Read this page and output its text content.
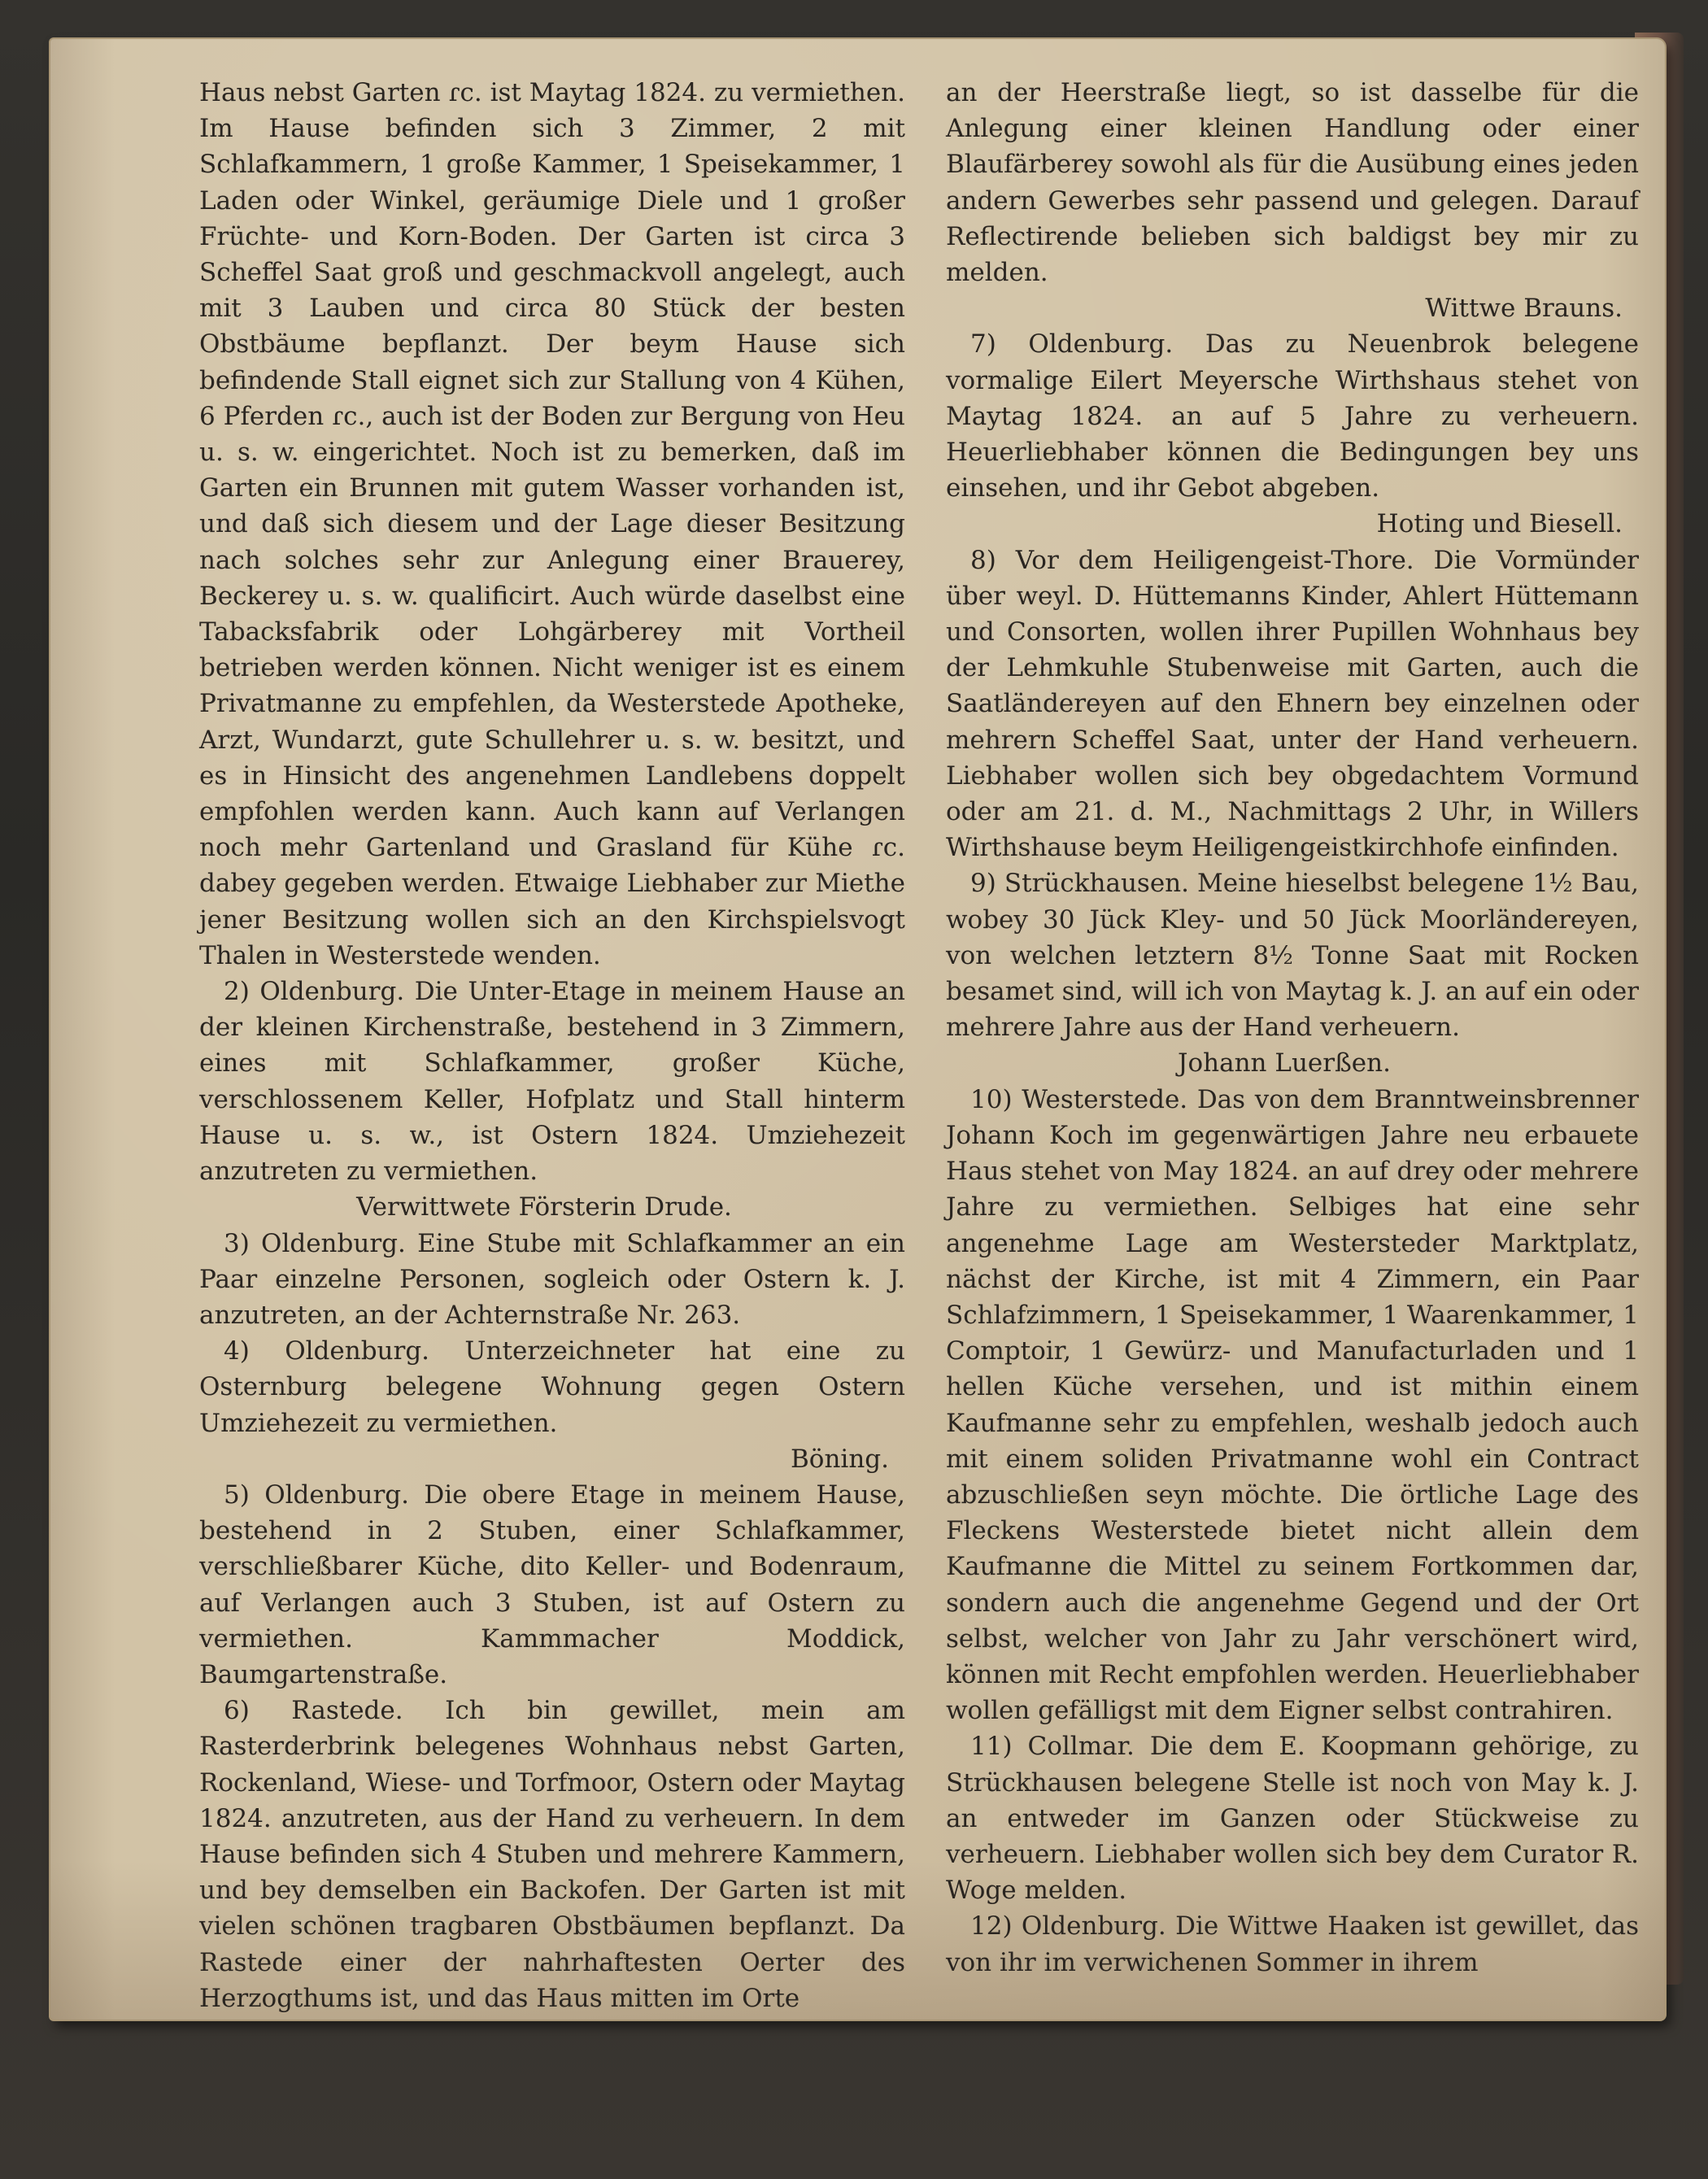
Haus nebst Garten ɾc. ist Maytag 1824. zu vermiethen. Im Hause befinden sich 3 Zimmer, 2 mit Schlafkammern, 1 große Kammer, 1 Speisekammer, 1 Laden oder Winkel, geräumige Diele und 1 großer Früchte- und Korn-Boden. Der Garten ist circa 3 Scheffel Saat groß und geschmackvoll angelegt, auch mit 3 Lauben und circa 80 Stück der besten Obstbäume bepflanzt. Der beym Hause sich befindende Stall eignet sich zur Stallung von 4 Kühen, 6 Pferden ɾc., auch ist der Boden zur Bergung von Heu u. s. w. eingerichtet. Noch ist zu bemerken, daß im Garten ein Brunnen mit gutem Wasser vorhanden ist, und daß sich diesem und der Lage dieser Besitzung nach solches sehr zur Anlegung einer Brauerey, Beckerey u. s. w. qualificirt. Auch würde daselbst eine Tabacksfabrik oder Lohgärberey mit Vortheil betrieben werden können. Nicht weniger ist es einem Privatmanne zu empfehlen, da Westerstede Apotheke, Arzt, Wundarzt, gute Schullehrer u. s. w. besitzt, und es in Hinsicht des angenehmen Landlebens doppelt empfohlen werden kann. Auch kann auf Verlangen noch mehr Gartenland und Grasland für Kühe ɾc. dabey gegeben werden. Etwaige Liebhaber zur Miethe jener Besitzung wollen sich an den Kirchspielsvogt Thalen in Westerstede wenden.

2) Oldenburg. Die Unter-Etage in meinem Hause an der kleinen Kirchenstraße, bestehend in 3 Zimmern, eines mit Schlafkammer, großer Küche, verschlossenem Keller, Hofplatz und Stall hinterm Hause u. s. w., ist Ostern 1824. Umziehezeit anzutreten zu vermiethen.

Verwittwete Försterin Drude.

3) Oldenburg. Eine Stube mit Schlafkammer an ein Paar einzelne Personen, sogleich oder Ostern k. J. anzutreten, an der Achternstraße Nr. 263.

4) Oldenburg. Unterzeichneter hat eine zu Osternburg belegene Wohnung gegen Ostern Umziehezeit zu vermiethen.

Böning.

5) Oldenburg. Die obere Etage in meinem Hause, bestehend in 2 Stuben, einer Schlafkammer, verschließbarer Küche, dito Keller- und Bodenraum, auf Verlangen auch 3 Stuben, ist auf Ostern zu vermiethen. Kammmacher Moddick, Baumgartenstraße.

6) Rastede. Ich bin gewillet, mein am Rasterderbrink belegenes Wohnhaus nebst Garten, Rockenland, Wiese- und Torfmoor, Ostern oder Maytag 1824. anzutreten, aus der Hand zu verheuern. In dem Hause befinden sich 4 Stuben und mehrere Kammern, und bey demselben ein Backofen. Der Garten ist mit vielen schönen tragbaren Obstbäumen bepflanzt. Da Rastede einer der nahrhaftesten Oerter des Herzogthums ist, und das Haus mitten im Orte

an der Heerstraße liegt, so ist dasselbe für die Anlegung einer kleinen Handlung oder einer Blaufärberey sowohl als für die Ausübung eines jeden andern Gewerbes sehr passend und gelegen. Darauf Reflectirende belieben sich baldigst bey mir zu melden.

Wittwe Brauns.

7) Oldenburg. Das zu Neuenbrok belegene vormalige Eilert Meyersche Wirthshaus stehet von Maytag 1824. an auf 5 Jahre zu verheuern. Heuerliebhaber können die Bedingungen bey uns einsehen, und ihr Gebot abgeben.

Hoting und Biesell.

8) Vor dem Heiligengeist-Thore. Die Vormünder über weyl. D. Hüttemanns Kinder, Ahlert Hüttemann und Consorten, wollen ihrer Pupillen Wohnhaus bey der Lehmkuhle Stubenweise mit Garten, auch die Saatländereyen auf den Ehnern bey einzelnen oder mehrern Scheffel Saat, unter der Hand verheuern. Liebhaber wollen sich bey obgedachtem Vormund oder am 21. d. M., Nachmittags 2 Uhr, in Willers Wirthshause beym Heiligengeistkirchhofe einfinden.

9) Strückhausen. Meine hieselbst belegene 1½ Bau, wobey 30 Jück Kley- und 50 Jück Moorländereyen, von welchen letztern 8½ Tonne Saat mit Rocken besamet sind, will ich von Maytag k. J. an auf ein oder mehrere Jahre aus der Hand verheuern.

Johann Luerßen.

10) Westerstede. Das von dem Branntweinsbrenner Johann Koch im gegenwärtigen Jahre neu erbauete Haus stehet von May 1824. an auf drey oder mehrere Jahre zu vermiethen. Selbiges hat eine sehr angenehme Lage am Westersteder Marktplatz, nächst der Kirche, ist mit 4 Zimmern, ein Paar Schlafzimmern, 1 Speisekammer, 1 Waarenkammer, 1 Comptoir, 1 Gewürz- und Manufacturladen und 1 hellen Küche versehen, und ist mithin einem Kaufmanne sehr zu empfehlen, weshalb jedoch auch mit einem soliden Privatmanne wohl ein Contract abzuschließen seyn möchte. Die örtliche Lage des Fleckens Westerstede bietet nicht allein dem Kaufmanne die Mittel zu seinem Fortkommen dar, sondern auch die angenehme Gegend und der Ort selbst, welcher von Jahr zu Jahr verschönert wird, können mit Recht empfohlen werden. Heuerliebhaber wollen gefälligst mit dem Eigner selbst contrahiren.

11) Collmar. Die dem E. Koopmann gehörige, zu Strückhausen belegene Stelle ist noch von May k. J. an entweder im Ganzen oder Stückweise zu verheuern. Liebhaber wollen sich bey dem Curator R. Woge melden.

12) Oldenburg. Die Wittwe Haaken ist gewillet, das von ihr im verwichenen Sommer in ihrem
